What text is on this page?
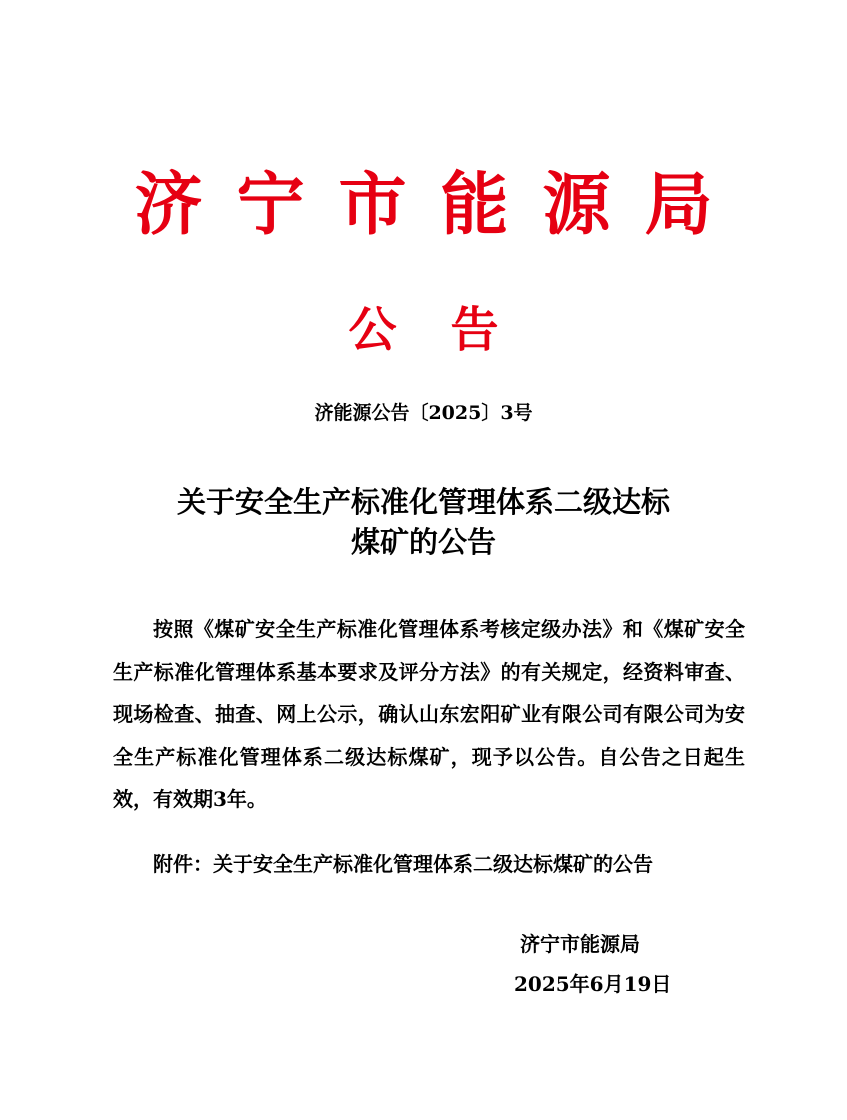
济宁市能源局
公告
济能源公告〔2025〕3号
关于安全生产标准化管理体系二级达标
煤矿的公告

按照《煤矿安全生产标准化管理体系考核定级办法》和《煤矿安全生产标准化管理体系基本要求及评分方法》的有关规定，经资料审查、现场检查、抽查、网上公示，确认山东宏阳矿业有限公司有限公司为安全生产标准化管理体系二级达标煤矿，现予以公告。自公告之日起生效，有效期3年。

附件：关于安全生产标准化管理体系二级达标煤矿的公告
济宁市能源局
2025年6月19日
